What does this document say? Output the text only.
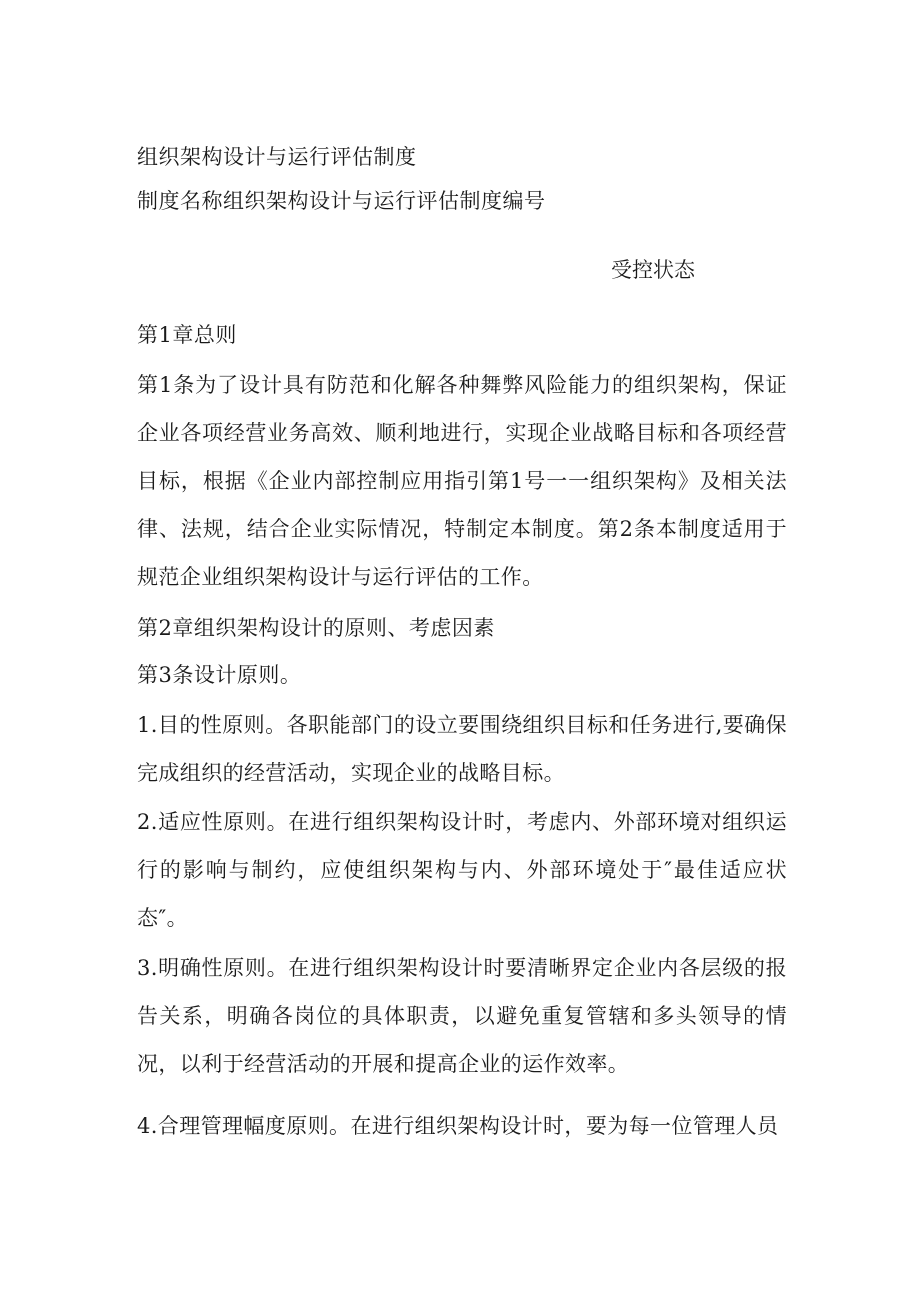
组织架构设计与运行评估制度
制度名称组织架构设计与运行评估制度编号
受控状态
第1章总则
第1条为了设计具有防范和化解各种舞弊风险能力的组织架构，保证企业各项经营业务高效、顺利地进行，实现企业战略目标和各项经营目标，根据《企业内部控制应用指引第1号一一组织架构》及相关法律、法规，结合企业实际情况，特制定本制度。第2条本制度适用于规范企业组织架构设计与运行评估的工作。
第2章组织架构设计的原则、考虑因素
第3条设计原则。
1.目的性原则。各职能部门的设立要围绕组织目标和任务进行,要确保完成组织的经营活动，实现企业的战略目标。
2.适应性原则。在进行组织架构设计时，考虑内、外部环境对组织运行的影响与制约，应使组织架构与内、外部环境处于″最佳适应状态″。
3.明确性原则。在进行组织架构设计时要清晰界定企业内各层级的报告关系，明确各岗位的具体职责，以避免重复管辖和多头领导的情况，以利于经营活动的开展和提高企业的运作效率。
4.合理管理幅度原则。在进行组织架构设计时，要为每一位管理人员
